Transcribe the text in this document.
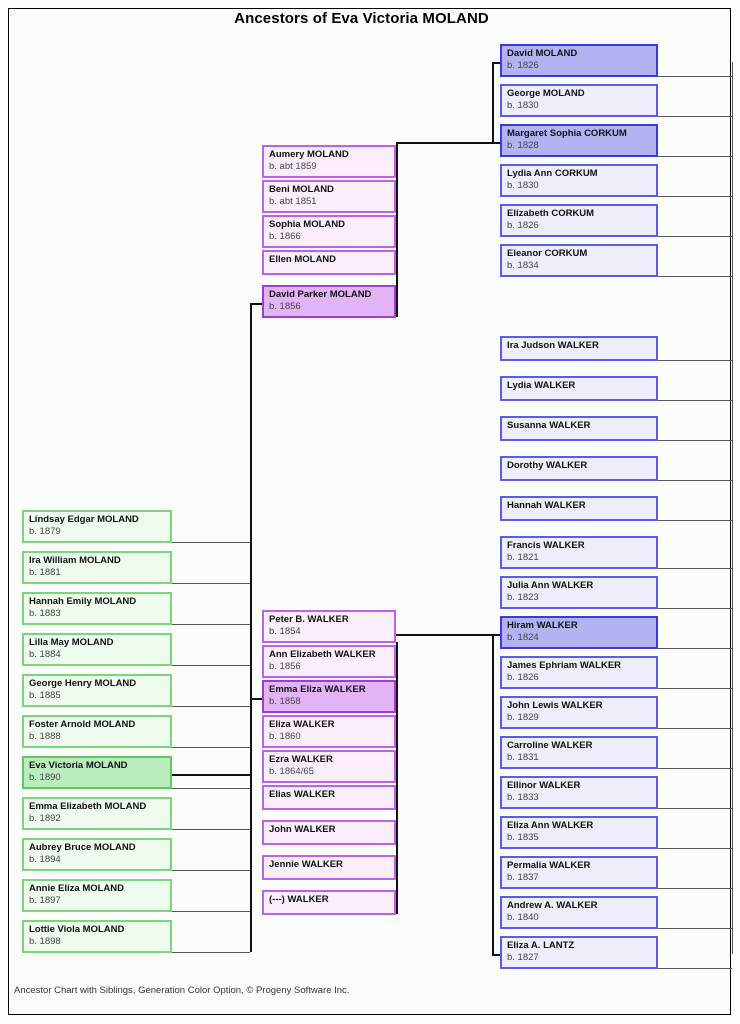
Ancestors of Eva Victoria MOLAND
Lindsay Edgar MOLAND
b. 1879
Ira William MOLAND
b. 1881
Hannah Emily MOLAND
b. 1883
Lilla May MOLAND
b. 1884
George Henry MOLAND
b. 1885
Foster Arnold MOLAND
b. 1888
Eva Victoria MOLAND
b. 1890
Emma Elizabeth MOLAND
b. 1892
Aubrey Bruce MOLAND
b. 1894
Annie Eliza MOLAND
b. 1897
Lottie Viola MOLAND
b. 1898
Aumery MOLAND
b. abt 1859
Beni MOLAND
b. abt 1851
Sophia MOLAND
b. 1866
Ellen MOLAND
David Parker MOLAND
b. 1856
Peter B. WALKER
b. 1854
Ann Elizabeth WALKER
b. 1856
Emma Eliza WALKER
b. 1858
Eliza WALKER
b. 1860
Ezra WALKER
b. 1864/65
Elias WALKER
John WALKER
Jennie WALKER
(---) WALKER
David MOLAND
b. 1826
George MOLAND
b. 1830
Margaret Sophia CORKUM
b. 1828
Lydia Ann CORKUM
b. 1830
Elizabeth CORKUM
b. 1826
Eleanor CORKUM
b. 1834
Ira Judson WALKER
Lydia WALKER
Susanna WALKER
Dorothy WALKER
Hannah WALKER
Francis WALKER
b. 1821
Julia Ann WALKER
b. 1823
Hiram WALKER
b. 1824
James Ephriam WALKER
b. 1826
John Lewis WALKER
b. 1829
Carroline WALKER
b. 1831
Ellinor WALKER
b. 1833
Eliza Ann WALKER
b. 1835
Permalia WALKER
b. 1837
Andrew A. WALKER
b. 1840
Eliza A. LANTZ
b. 1827
Ancestor Chart with Siblings, Generation Color Option, © Progeny Software Inc.
